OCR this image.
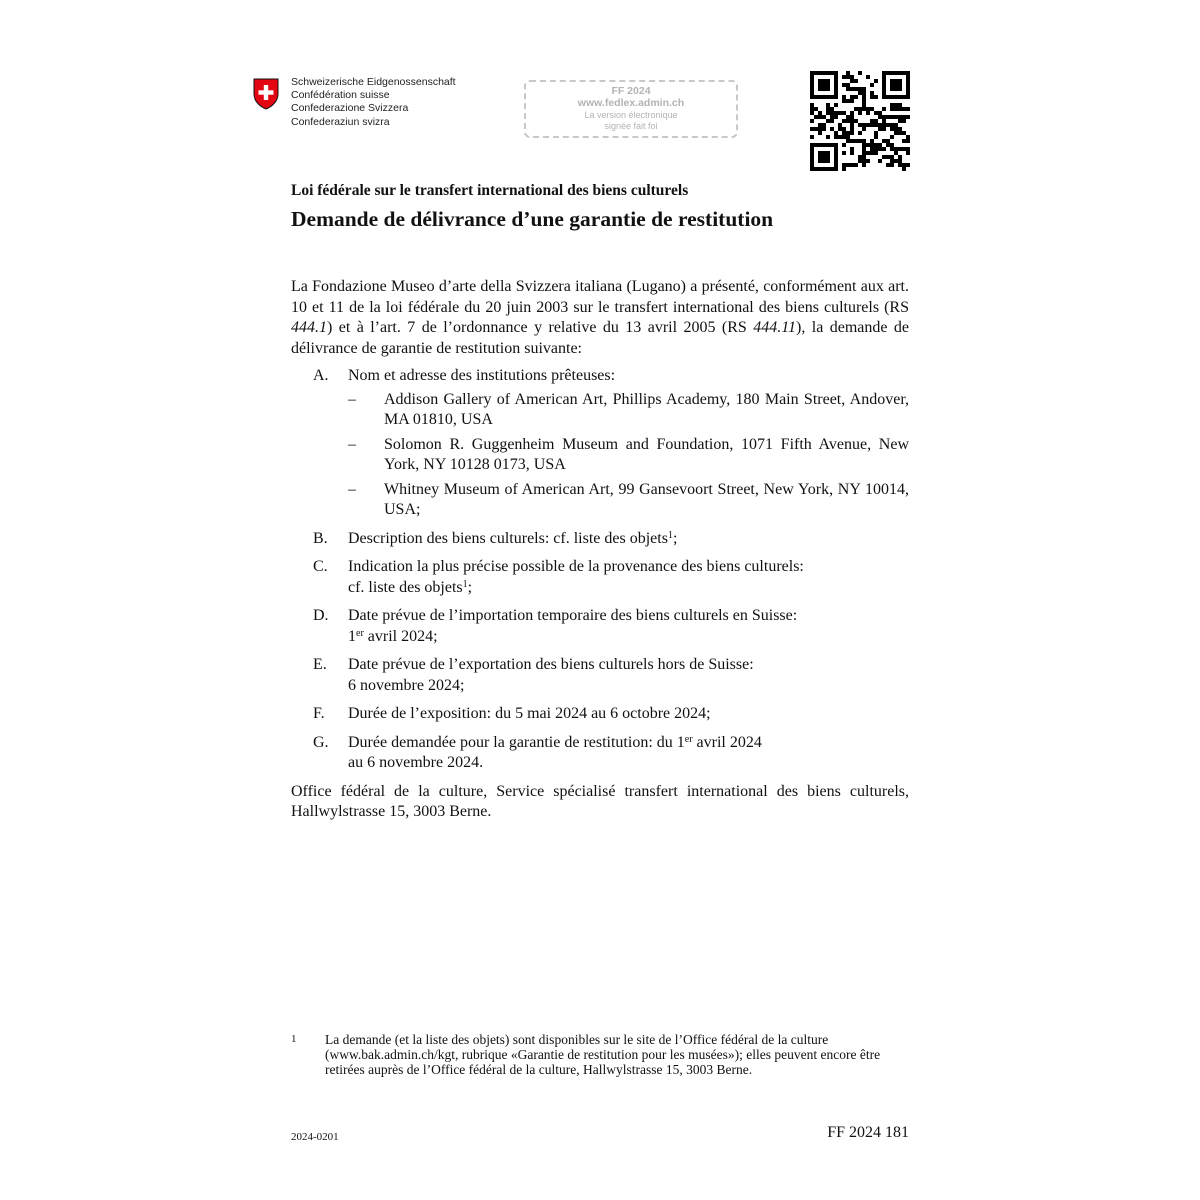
Schweizerische Eidgenossenschaft
Confédération suisse
Confederazione Svizzera
Confederaziun svizra
FF 2024
www.fedlex.admin.ch
La version électronique
signée fait foi
Loi fédérale sur le transfert international des biens culturels
Demande de délivrance d’une garantie de restitution

La Fondazione Museo d’arte della Svizzera italiana (Lugano) a présenté, conformément aux art. 10 et 11 de la loi fédérale du 20 juin 2003 sur le transfert international des biens culturels (RS 444.1) et à l’art. 7 de l’ordonnance y relative du 13 avril 2005 (RS 444.11), la demande de délivrance de garantie de restitution suivante:

A. Nom et adresse des institutions prêteuses:
– Addison Gallery of American Art, Phillips Academy, 180 Main Street, Andover, MA 01810, USA
– Solomon R. Guggenheim Museum and Foundation, 1071 Fifth Avenue, New York, NY 10128 0173, USA
– Whitney Museum of American Art, 99 Gansevoort Street, New York, NY 10014, USA;
B. Description des biens culturels: cf. liste des objets$^1$;
C. Indication la plus précise possible de la provenance des biens culturels:
cf. liste des objets$^1$;
D. Date prévue de l’importation temporaire des biens culturels en Suisse:
1er avril 2024;
E. Date prévue de l’exportation des biens culturels hors de Suisse:
6 novembre 2024;
F. Durée de l’exposition: du 5 mai 2024 au 6 octobre 2024;
G. Durée demandée pour la garantie de restitution: du 1er avril 2024
au 6 novembre 2024.

Office fédéral de la culture, Service spécialisé transfert international des biens culturels, Hallwylstrasse 15, 3003 Berne.

1 La demande (et la liste des objets) sont disponibles sur le site de l’Office fédéral de la culture (www.bak.admin.ch/kgt, rubrique «Garantie de restitution pour les musées»); elles peuvent encore être retirées auprès de l’Office fédéral de la culture, Hallwylstrasse 15, 3003 Berne.
2024-0201	FF 2024 181
